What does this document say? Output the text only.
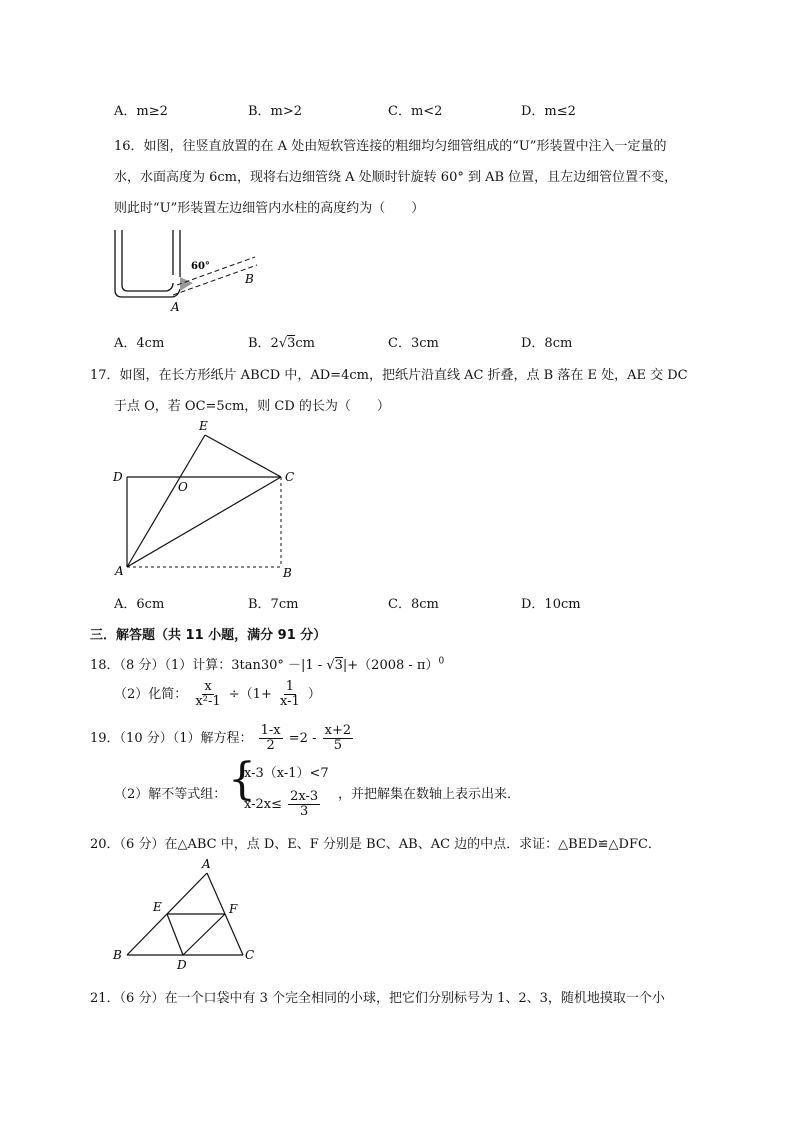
A．m≥2	B．m>2	C．m<2	D．m≤2
16．如图，往竖直放置的在 A 处由短软管连接的粗细均匀细管组成的“U”形装置中注入一定量的
水，水面高度为 6cm，现将右边细管绕 A 处顺时针旋转 60° 到 AB 位置，且左边细管位置不变，
则此时“U”形装置左边细管内水柱的高度约为（　　）
60°
B
A
A．4cm	B．2√3cm	C．3cm	D．8cm
17．如图，在长方形纸片 ABCD 中，AD=4cm，把纸片沿直线 AC 折叠，点 B 落在 E 处，AE 交 DC
于点 O，若 OC=5cm，则 CD 的长为（　　）
E
D
O
C
A	B
A．6cm	B．7cm	C．8cm	D．10cm
三．解答题（共 11 小题，满分 91 分）
18．（8 分）（1）计算：3tan30° －|1 - √3|+（2008 - π）$^0$
（2）化简： $\frac{x}{\text{x²-1}} \div(1+ \frac{1}{x-1}$ ）
19．（10 分）（1）解方程： $\frac{1-x}{2} =2 - \frac{x+2}{5}$
（2）解不等式组： {
x-3（x-1）<7
$x-2x\le \frac{2x-3}{3}$ ，并把解集在数轴上表示出来．
20．（6 分）在△ABC 中，点 D、E、F 分别是 BC、AB、AC 边的中点．求证：△BED≌△DFC．
A
E	F
B
D
C
21．（6 分）在一个口袋中有 3 个完全相同的小球，把它们分别标号为 1、2、3，随机地摸取一个小
